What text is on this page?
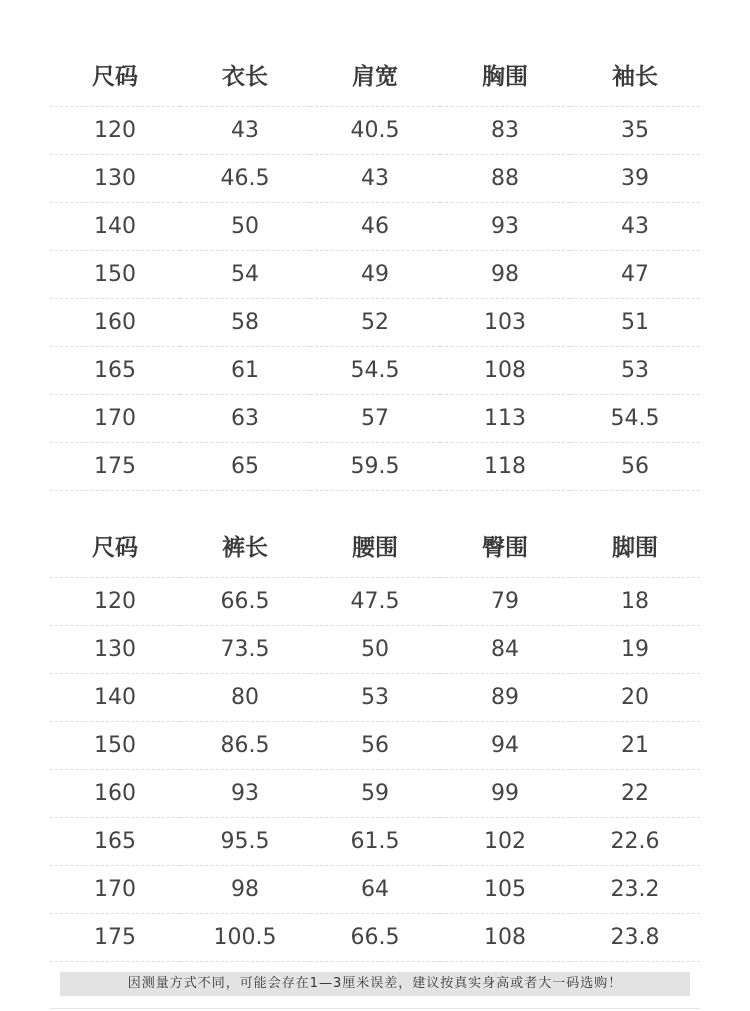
尺码	衣长	肩宽	胸围	袖长
120	43	40.5	83	35
130	46.5	43	88	39
140	50	46	93	43
150	54	49	98	47
160	58	52	103	51
165	61	54.5	108	53
170	63	57	113	54.5
175	65	59.5	118	56
尺码	裤长	腰围	臀围	脚围
120	66.5	47.5	79	18
130	73.5	50	84	19
140	80	53	89	20
150	86.5	56	94	21
160	93	59	99	22
165	95.5	61.5	102	22.6
170	98	64	105	23.2
175	100.5	66.5	108	23.8
因测量方式不同，可能会存在1—3厘米误差，建议按真实身高或者大一码选购！
